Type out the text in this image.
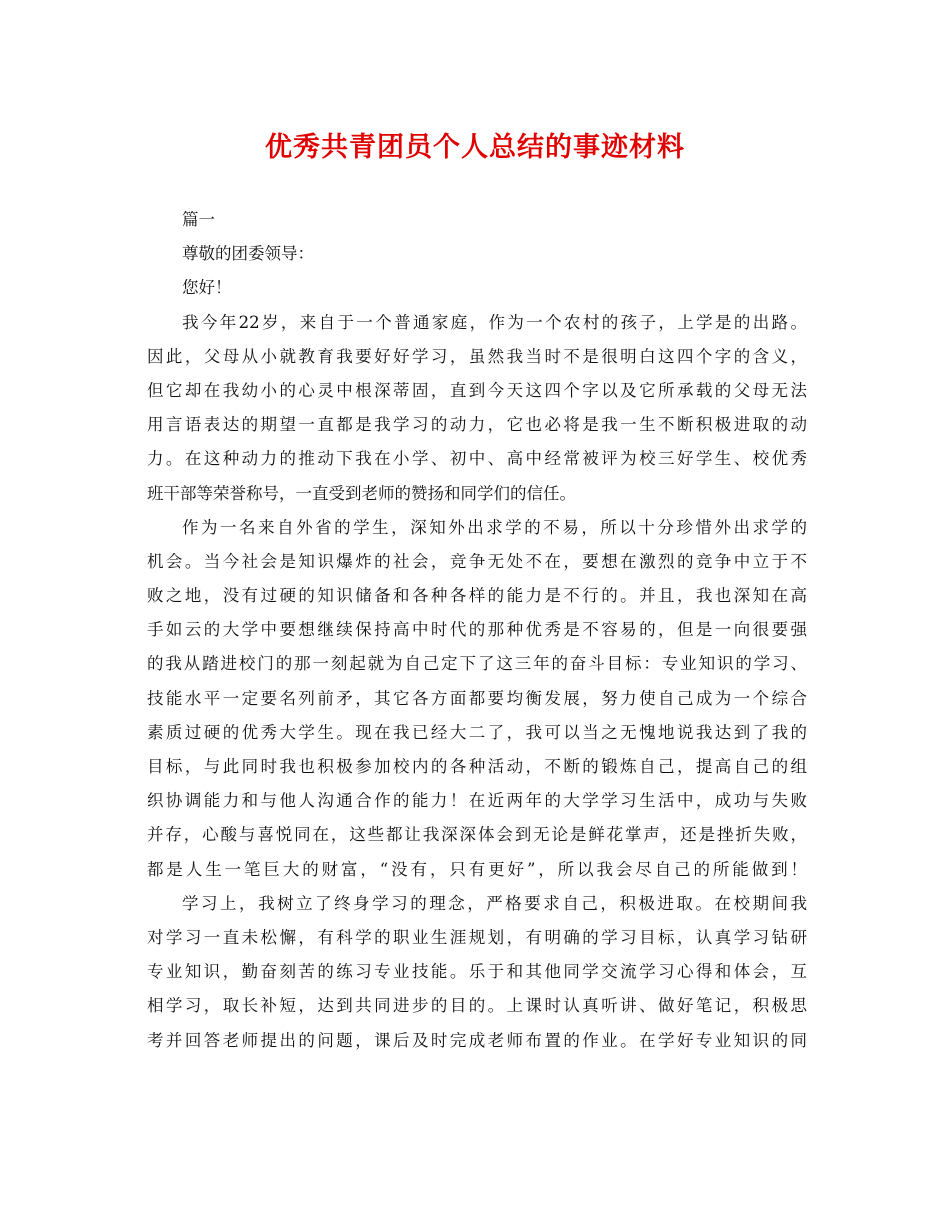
优秀共青团员个人总结的事迹材料
篇一
尊敬的团委领导：
您好！
我今年22岁，来自于一个普通家庭，作为一个农村的孩子，上学是的出路。
因此，父母从小就教育我要好好学习，虽然我当时不是很明白这四个字的含义，
但它却在我幼小的心灵中根深蒂固，直到今天这四个字以及它所承载的父母无法
用言语表达的期望一直都是我学习的动力，它也必将是我一生不断积极进取的动
力。在这种动力的推动下我在小学、初中、高中经常被评为校三好学生、校优秀
班干部等荣誉称号，一直受到老师的赞扬和同学们的信任。
作为一名来自外省的学生，深知外出求学的不易，所以十分珍惜外出求学的
机会。当今社会是知识爆炸的社会，竞争无处不在，要想在激烈的竞争中立于不
败之地，没有过硬的知识储备和各种各样的能力是不行的。并且，我也深知在高
手如云的大学中要想继续保持高中时代的那种优秀是不容易的，但是一向很要强
的我从踏进校门的那一刻起就为自己定下了这三年的奋斗目标：专业知识的学习、
技能水平一定要名列前矛，其它各方面都要均衡发展，努力使自己成为一个综合
素质过硬的优秀大学生。现在我已经大二了，我可以当之无愧地说我达到了我的
目标，与此同时我也积极参加校内的各种活动，不断的锻炼自己，提高自己的组
织协调能力和与他人沟通合作的能力！在近两年的大学学习生活中，成功与失败
并存，心酸与喜悦同在，这些都让我深深体会到无论是鲜花掌声，还是挫折失败，
都是人生一笔巨大的财富，“没有，只有更好”，所以我会尽自己的所能做到！
学习上，我树立了终身学习的理念，严格要求自己，积极进取。在校期间我
对学习一直未松懈，有科学的职业生涯规划，有明确的学习目标，认真学习钻研
专业知识，勤奋刻苦的练习专业技能。乐于和其他同学交流学习心得和体会，互
相学习，取长补短，达到共同进步的目的。上课时认真听讲、做好笔记，积极思
考并回答老师提出的问题，课后及时完成老师布置的作业。在学好专业知识的同
